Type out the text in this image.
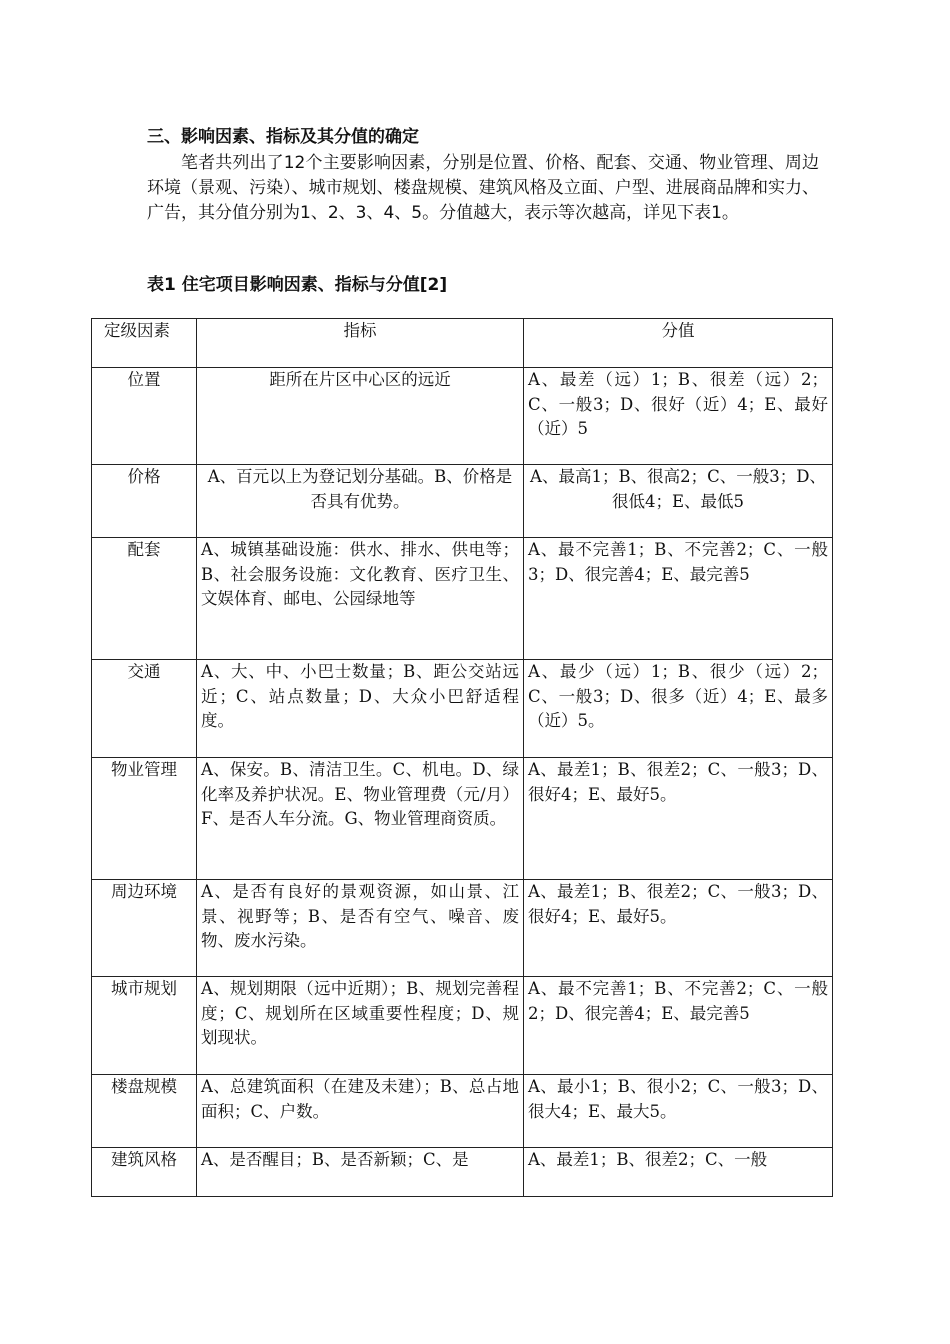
三、影响因素、指标及其分值的确定
笔者共列出了12个主要影响因素，分别是位置、价格、配套、交通、物业管理、周边环境（景观、污染）、城市规划、楼盘规模、建筑风格及立面、户型、进展商品牌和实力、广告，其分值分别为1、2、3、4、5。分值越大，表示等次越高，详见下表1。
表1 住宅项目影响因素、指标与分值[2]
定级因素	指标	分值
位置	距所在片区中心区的远近	A、最差（远）1；B、很差（远）2；C、一般3；D、很好（近）4；E、最好（近）5
价格	A、百元以上为登记划分基础。B、价格是否具有优势。	A、最高1；B、很高2；C、一般3；D、很低4；E、最低5
配套	A、城镇基础设施：供水、排水、供电等；B、社会服务设施：文化教育、医疗卫生、文娱体育、邮电、公园绿地等	A、最不完善1；B、不完善2；C、一般3；D、很完善4；E、最完善5
交通	A、大、中、小巴士数量；B、距公交站远近；C、站点数量；D、大众小巴舒适程度。	A、最少（远）1；B、很少（远）2；C、一般3；D、很多（近）4；E、最多（近）5。
物业管理	A、保安。B、清洁卫生。C、机电。D、绿化率及养护状况。E、物业管理费（元/月）F、是否人车分流。G、物业管理商资质。	A、最差1；B、很差2；C、一般3；D、很好4；E、最好5。
周边环境	A、是否有良好的景观资源，如山景、江景、视野等；B、是否有空气、噪音、废物、废水污染。	A、最差1；B、很差2；C、一般3；D、很好4；E、最好5。
城市规划	A、规划期限（远中近期）；B、规划完善程度；C、规划所在区域重要性程度；D、规划现状。	A、最不完善1；B、不完善2；C、一般2；D、很完善4；E、最完善5
楼盘规模	A、总建筑面积（在建及未建）；B、总占地面积；C、户数。	A、最小1；B、很小2；C、一般3；D、很大4；E、最大5。
建筑风格	A、是否醒目；B、是否新颖；C、是	A、最差1；B、很差2；C、一般
